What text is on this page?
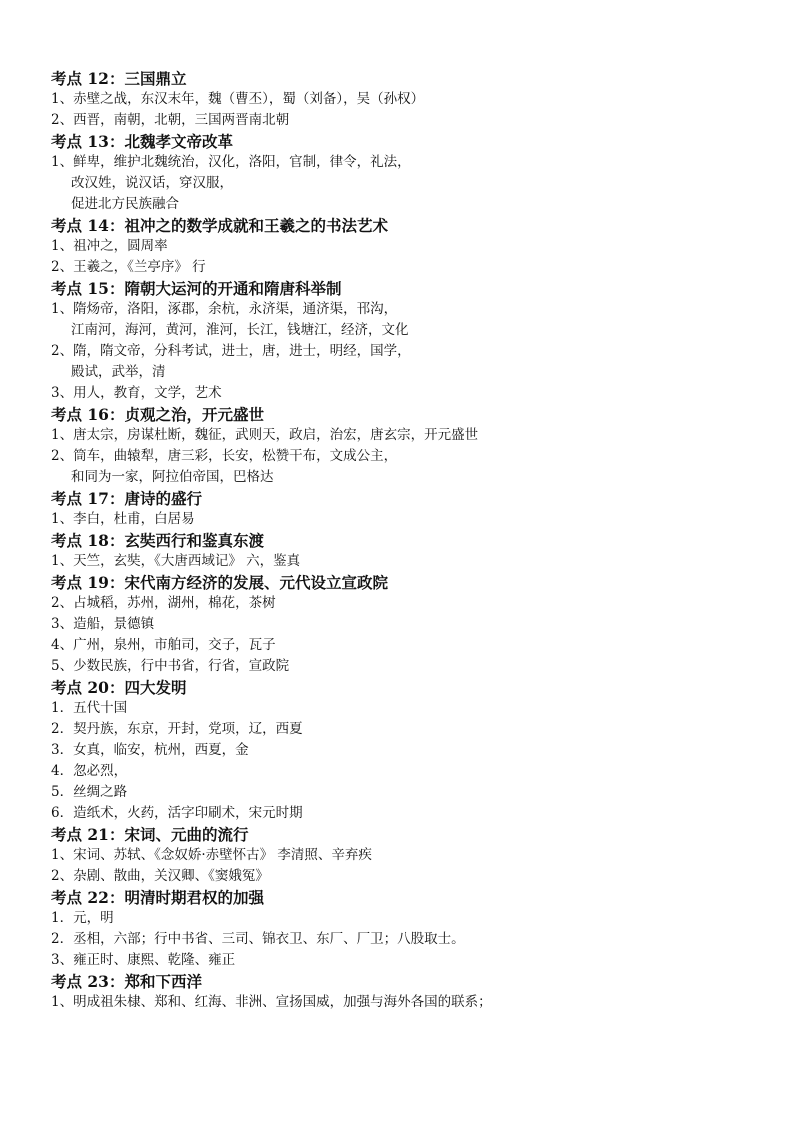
考点 12：三国鼎立
1、赤壁之战，东汉末年，魏（曹丕），蜀（刘备），吴（孙权）
2、西晋，南朝，北朝，三国两晋南北朝
考点 13：北魏孝文帝改革
1、鲜卑，维护北魏统治，汉化，洛阳，官制，律令，礼法，
改汉姓，说汉话，穿汉服，
促进北方民族融合
考点 14：祖冲之的数学成就和王羲之的书法艺术
1、祖冲之，圆周率
2、王羲之，《兰亭序》 行
考点 15：隋朝大运河的开通和隋唐科举制
1、隋炀帝，洛阳，涿郡，余杭，永济渠，通济渠，邗沟，
江南河，海河，黄河，淮河，长江，钱塘江，经济，文化
2、隋，隋文帝，分科考试，进士，唐，进士，明经，国学，
殿试，武举，清
3、用人，教育，文学，艺术
考点 16：贞观之治，开元盛世
1、唐太宗，房谋杜断，魏征，武则天，政启，治宏，唐玄宗，开元盛世
2、筒车，曲辕犁，唐三彩，长安，松赞干布，文成公主，
和同为一家，阿拉伯帝国，巴格达
考点 17：唐诗的盛行
1、李白，杜甫，白居易
考点 18：玄奘西行和鉴真东渡
1、天竺，玄奘，《大唐西域记》 六，鉴真
考点 19：宋代南方经济的发展、元代设立宣政院
2、占城稻，苏州，湖州，棉花，茶树
3、造船，景德镇
4、广州，泉州，市舶司，交子，瓦子
5、少数民族，行中书省，行省，宣政院
考点 20：四大发明
1．五代十国
2．契丹族，东京，开封，党项，辽，西夏
3．女真，临安，杭州，西夏，金
4．忽必烈，
5．丝绸之路
6．造纸术，火药，活字印刷术，宋元时期
考点 21：宋词、元曲的流行
1、宋词、苏轼、《念奴娇·赤壁怀古》 李清照、辛弃疾
2、杂剧、散曲，关汉卿、《窦娥冤》
考点 22：明清时期君权的加强
1．元，明
2．丞相，六部；行中书省、三司、锦衣卫、东厂、厂卫；八股取士。
3、雍正时、康熙、乾隆、雍正
考点 23：郑和下西洋
1、明成祖朱棣、郑和、红海、非洲、宣扬国威，加强与海外各国的联系；
